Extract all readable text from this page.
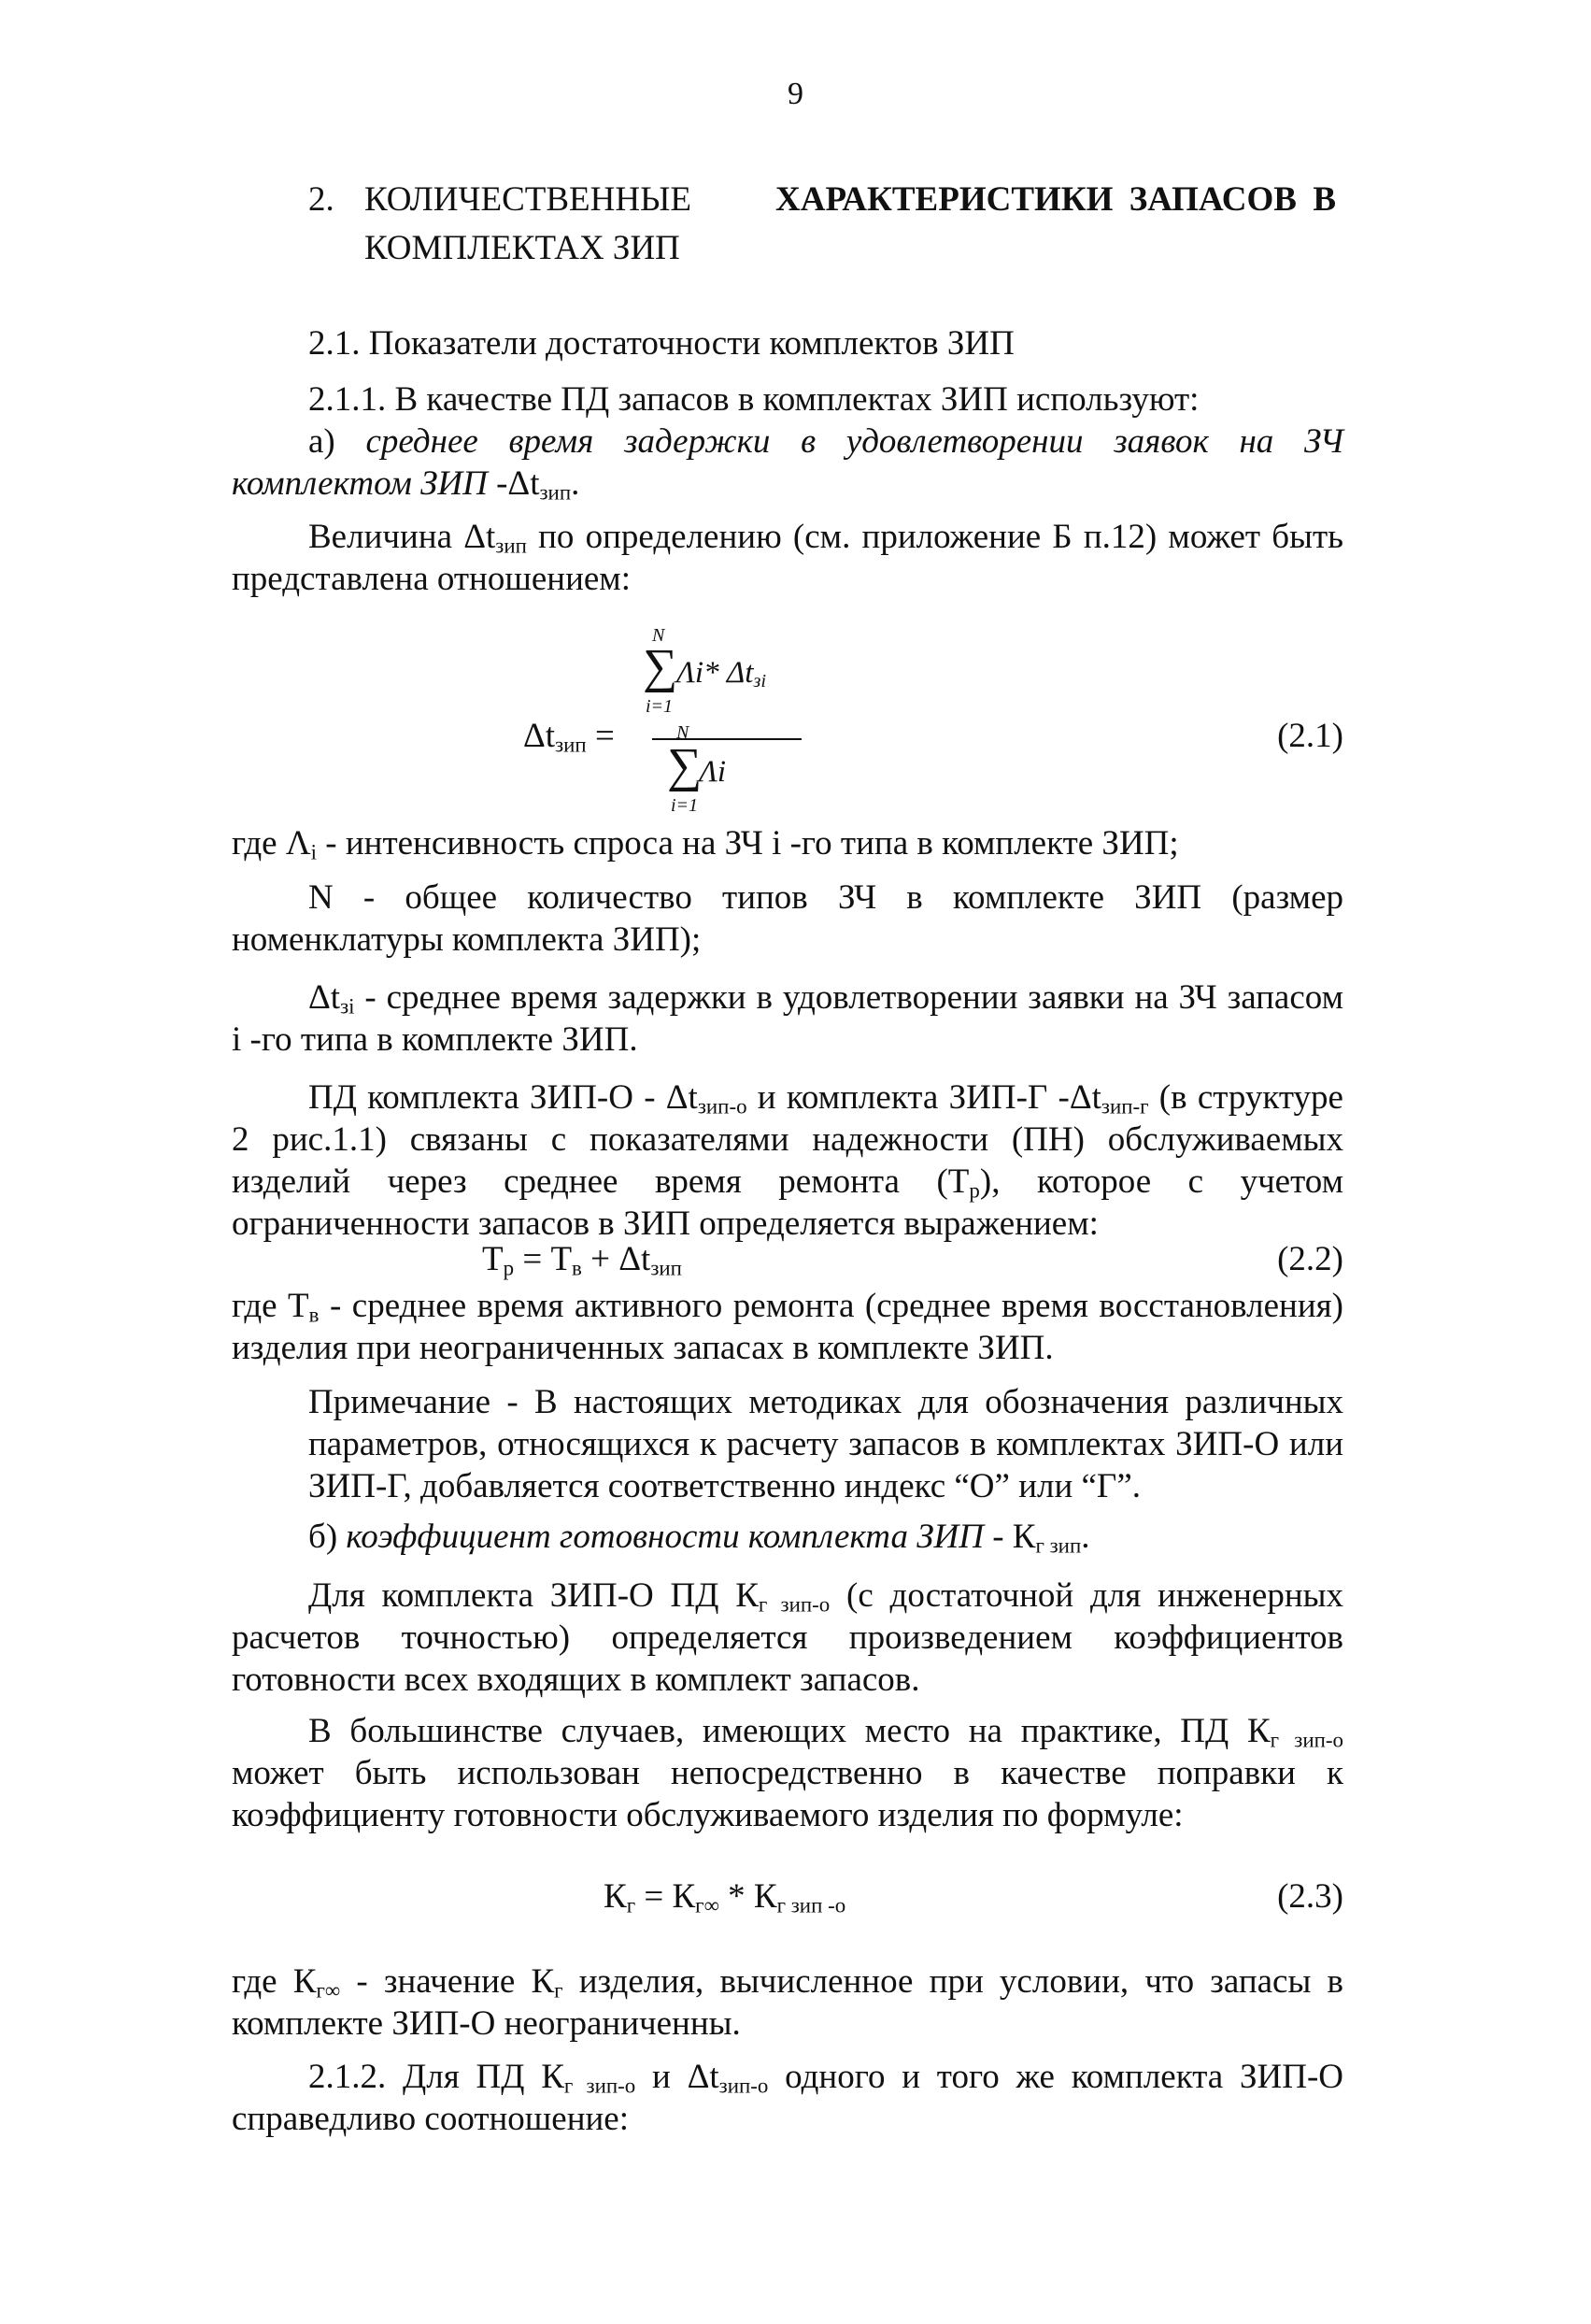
9
2. КОЛИЧЕСТВЕННЫЕ ХАРАКТЕРИСТИКИ ЗАПАСОВ В
КОМПЛЕКТАХ ЗИП

2.1. Показатели достаточности комплектов ЗИП

2.1.1. В качестве ПД запасов в комплектах ЗИП используют:

а) среднее время задержки в удовлетворении заявок на ЗЧ комплектом ЗИП $-\Delta t_{зип}$.

Величина $\Delta t_{зип}$ по определению (см. приложение Б п.12) может быть представлена отношением:

$\Delta t_{зип}$ =
N
∑
i=1
Λi* $\Delta t_{зi}$
N
∑
i=1
Λi
(2.1)

где $\Lambda_i$ - интенсивность спроса на ЗЧ i -го типа в комплекте ЗИП;

N - общее количество типов ЗЧ в комплекте ЗИП (размер номенклатуры комплекта ЗИП);

$\Delta t_{зi}$ - среднее время задержки в удовлетворении заявки на ЗЧ запасом i -го типа в комплекте ЗИП.

ПД комплекта $ЗИП-О - \Delta t_{зип-о}$ и комплекта ЗИП-Г $-\Delta t_{зип-г}$ (в структуре 2 рис.1.1) связаны с показателями надежности (ПН) обслуживаемых изделий через среднее время ремонта $(Т_р)$, которое с учетом ограниченности запасов в ЗИП определяется выражением:

$Т_р = Т_в + \Delta t_{зип}$	(2.2)

где $Т_в$ - среднее время активного ремонта (среднее время восстановления) изделия при неограниченных запасах в комплекте ЗИП.

Примечание - В настоящих методиках для обозначения различных параметров, относящихся к расчету запасов в комплектах ЗИП-О или ЗИП-Г, добавляется соответственно индекс “О” или “Г”.

б) коэффициент готовности комплекта ЗИП - $К_{г зип}$.

Для комплекта ЗИП-О ПД $К_{г зип-о}$ (с достаточной для инженерных расчетов точностью) определяется произведением коэффициентов готовности всех входящих в комплект запасов.

В большинстве случаев, имеющих место на практике, ПД $К_{г зип-о}$ может быть использован непосредственно в качестве поправки к коэффициенту готовности обслуживаемого изделия по формуле:

$К_г = К_{г\infty} * К_{г зип -о}$	(2.3)

где $К_{г\infty}$ - значение $К_г$ изделия, вычисленное при условии, что запасы в комплекте ЗИП-О неограниченны.

2.1.2. Для ПД $К_{г зип-о}$ и $\Delta t_{зип-о}$ одного и того же комплекта ЗИП-О справедливо соотношение:
